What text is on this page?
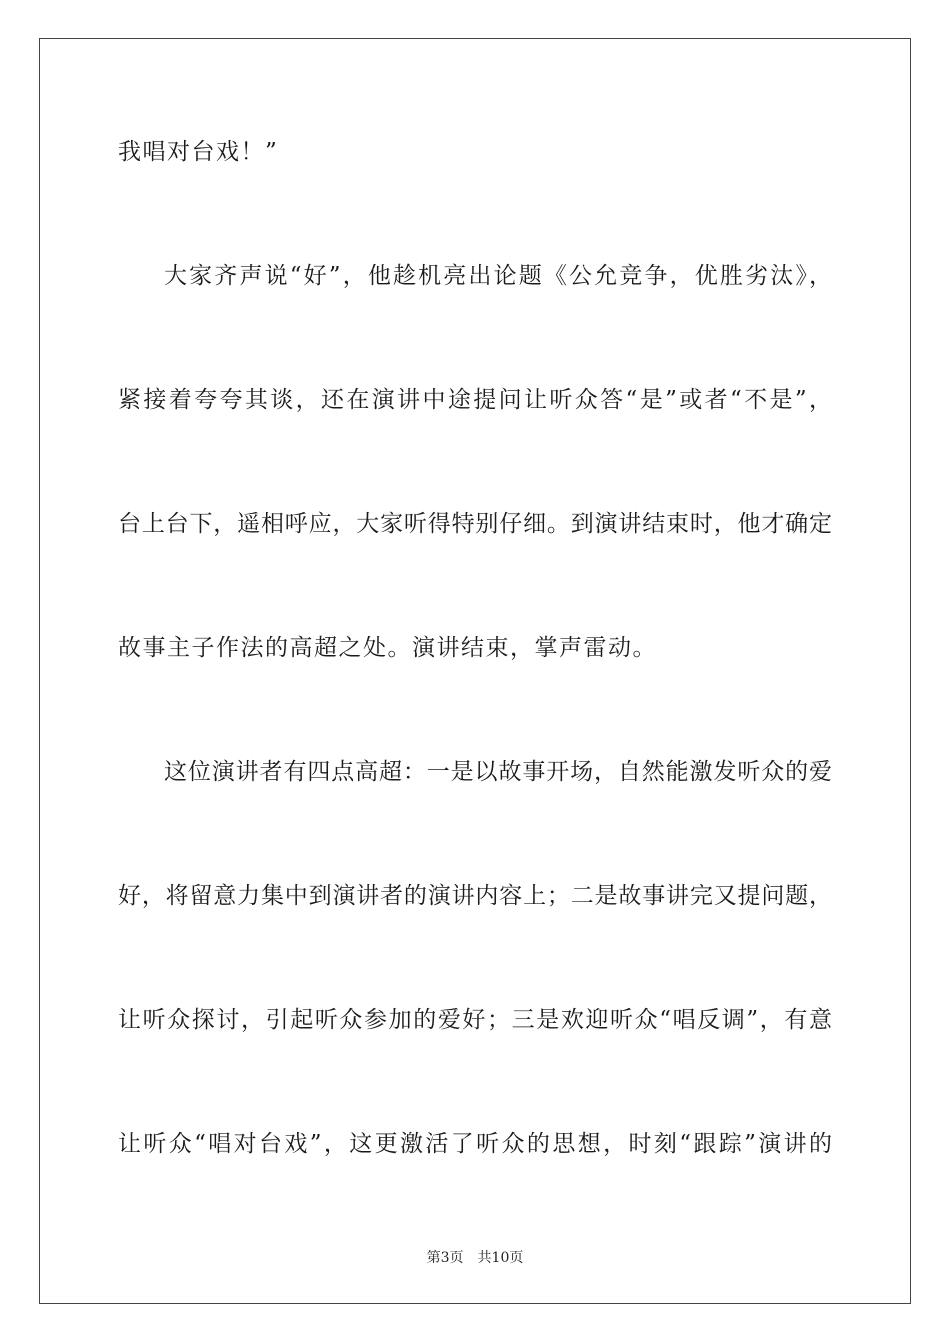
我唱对台戏！”
大家齐声说“好”，他趁机亮出论题《公允竞争，优胜劣汰》，
紧接着夸夸其谈，还在演讲中途提问让听众答“是”或者“不是”，
台上台下，遥相呼应，大家听得特别仔细。到演讲结束时，他才确定
故事主子作法的高超之处。演讲结束，掌声雷动。
这位演讲者有四点高超：一是以故事开场，自然能激发听众的爱
好，将留意力集中到演讲者的演讲内容上；二是故事讲完又提问题，
让听众探讨，引起听众参加的爱好；三是欢迎听众“唱反调”，有意
让听众“唱对台戏”，这更激活了听众的思想，时刻“跟踪”演讲的
第3页 共10页
